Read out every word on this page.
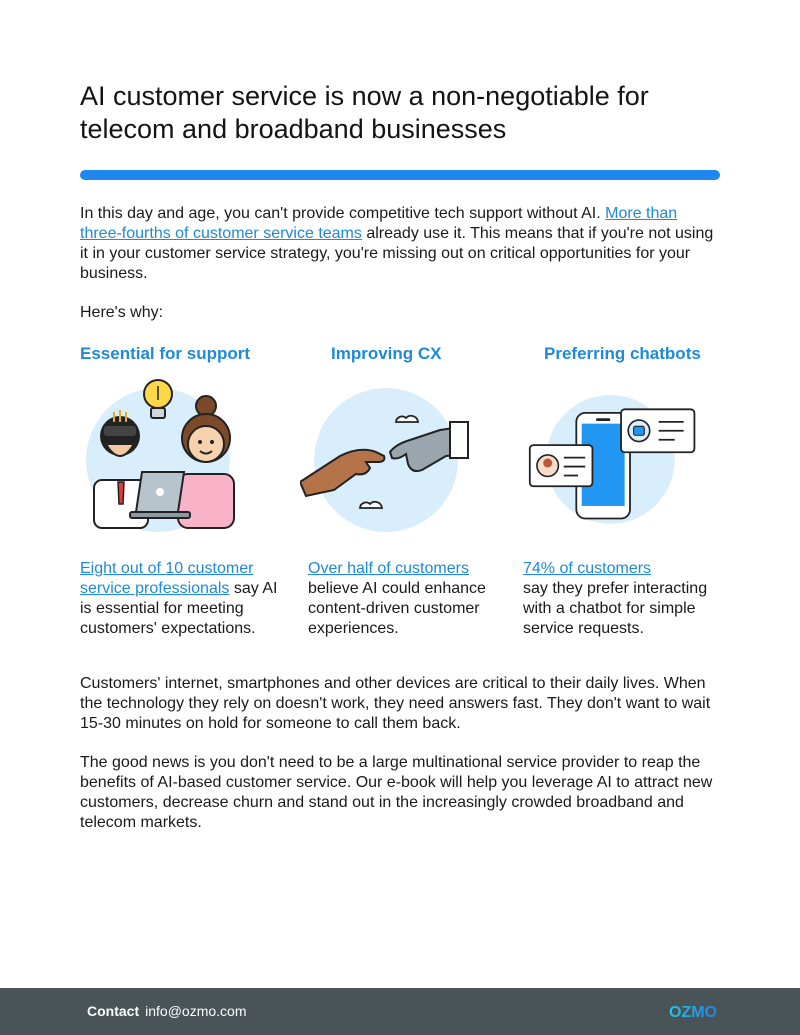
AI customer service is now a non-negotiable for telecom and broadband businesses

In this day and age, you can't provide competitive tech support without AI. More than three-fourths of customer service teams already use it. This means that if you're not using it in your customer service strategy, you're missing out on critical opportunities for your business.

Here's why:

Essential for support

Eight out of 10 customer service professionals say AI is essential for meeting customers' expectations.

Improving CX

Over half of customers believe AI could enhance content-driven customer experiences.

Preferring chatbots

74% of customers
say they prefer interacting with a chatbot for simple service requests.

Customers' internet, smartphones and other devices are critical to their daily lives. When the technology they rely on doesn't work, they need answers fast. They don't want to wait 15-30 minutes on hold for someone to call them back.

The good news is you don't need to be a large multinational service provider to reap the benefits of AI-based customer service. Our e-book will help you leverage AI to attract new customers, decrease churn and stand out in the increasingly crowded broadband and telecom markets.

Contact info@ozmo.com	OZMO
